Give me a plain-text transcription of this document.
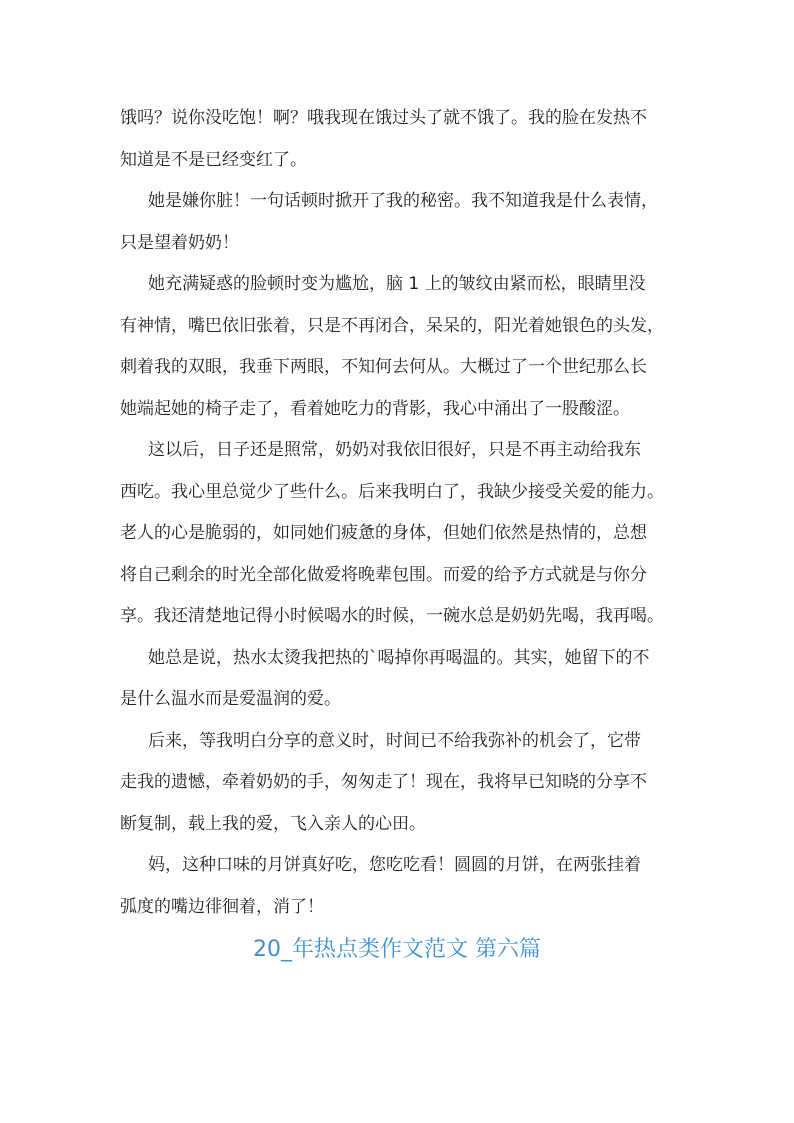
饿吗？说你没吃饱！啊？哦我现在饿过头了就不饿了。我的脸在发热不
知道是不是已经变红了。
她是嫌你脏！一句话顿时掀开了我的秘密。我不知道我是什么表情，
只是望着奶奶！
她充满疑惑的脸顿时变为尴尬，脑 1 上的皱纹由紧而松，眼睛里没
有神情，嘴巴依旧张着，只是不再闭合，呆呆的，阳光着她银色的头发，
刺着我的双眼，我垂下两眼，不知何去何从。大概过了一个世纪那么长
她端起她的椅子走了，看着她吃力的背影，我心中涌出了一股酸涩。
这以后，日子还是照常，奶奶对我依旧很好，只是不再主动给我东
西吃。我心里总觉少了些什么。后来我明白了，我缺少接受关爱的能力。
老人的心是脆弱的，如同她们疲惫的身体，但她们依然是热情的，总想
将自己剩余的时光全部化做爱将晚辈包围。而爱的给予方式就是与你分
享。我还清楚地记得小时候喝水的时候，一碗水总是奶奶先喝，我再喝。
她总是说，热水太烫我把热的`喝掉你再喝温的。其实，她留下的不
是什么温水而是爱温润的爱。
后来，等我明白分享的意义时，时间已不给我弥补的机会了，它带
走我的遗憾，牵着奶奶的手，匆匆走了！现在，我将早已知晓的分享不
断复制，载上我的爱，飞入亲人的心田。
妈，这种口味的月饼真好吃，您吃吃看！圆圆的月饼，在两张挂着
弧度的嘴边徘徊着，消了！
20_年热点类作文范文 第六篇
